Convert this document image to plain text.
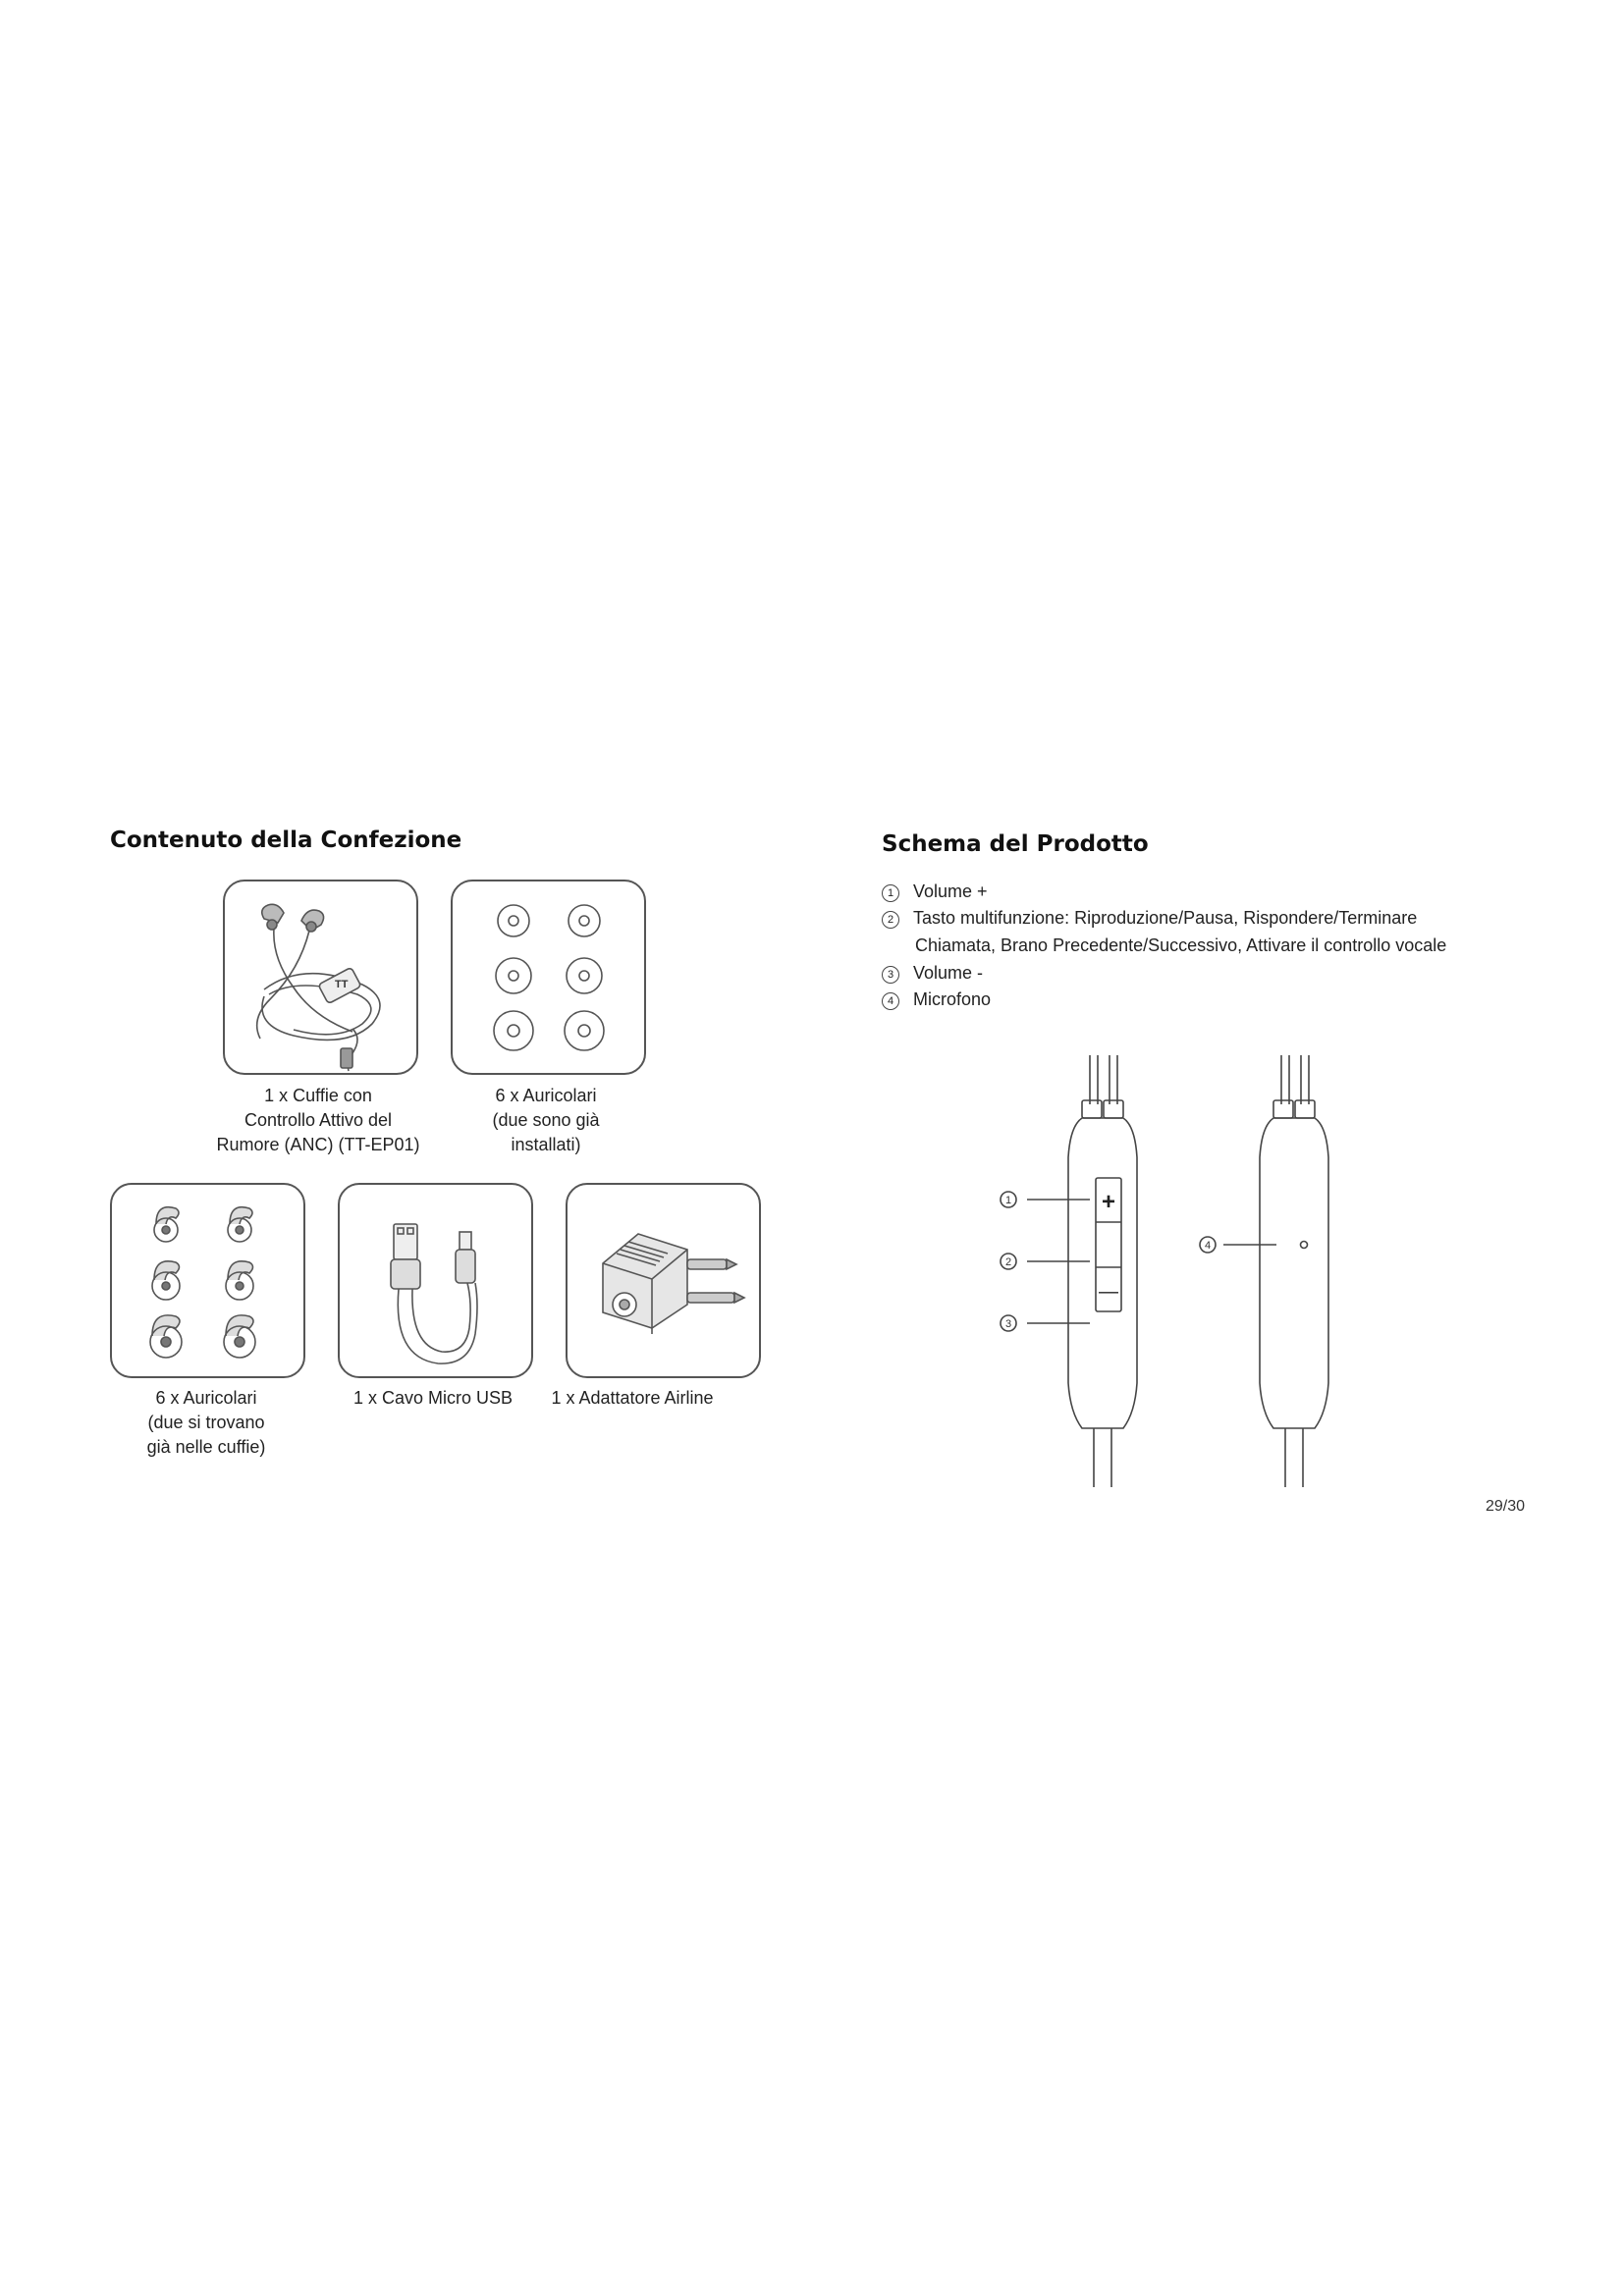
Contenuto della Confezione
TT
1 x Cuffie con
Controllo Attivo del
Rumore (ANC) (TT-EP01)
6 x Auricolari
(due sono già
installati)
6 x Auricolari
(due si trovano
già nelle cuffie)
1 x Cavo Micro USB	1 x Adattatore Airline
Schema del Prodotto
1 Volume +
2 Tasto multifunzione: Riproduzione/Pausa, Rispondere/Terminare
Chiamata, Brano Precedente/Successivo, Attivare il controllo vocale
3 Volume -
4 Microfono
1
2
3
4
+
—
29/30
